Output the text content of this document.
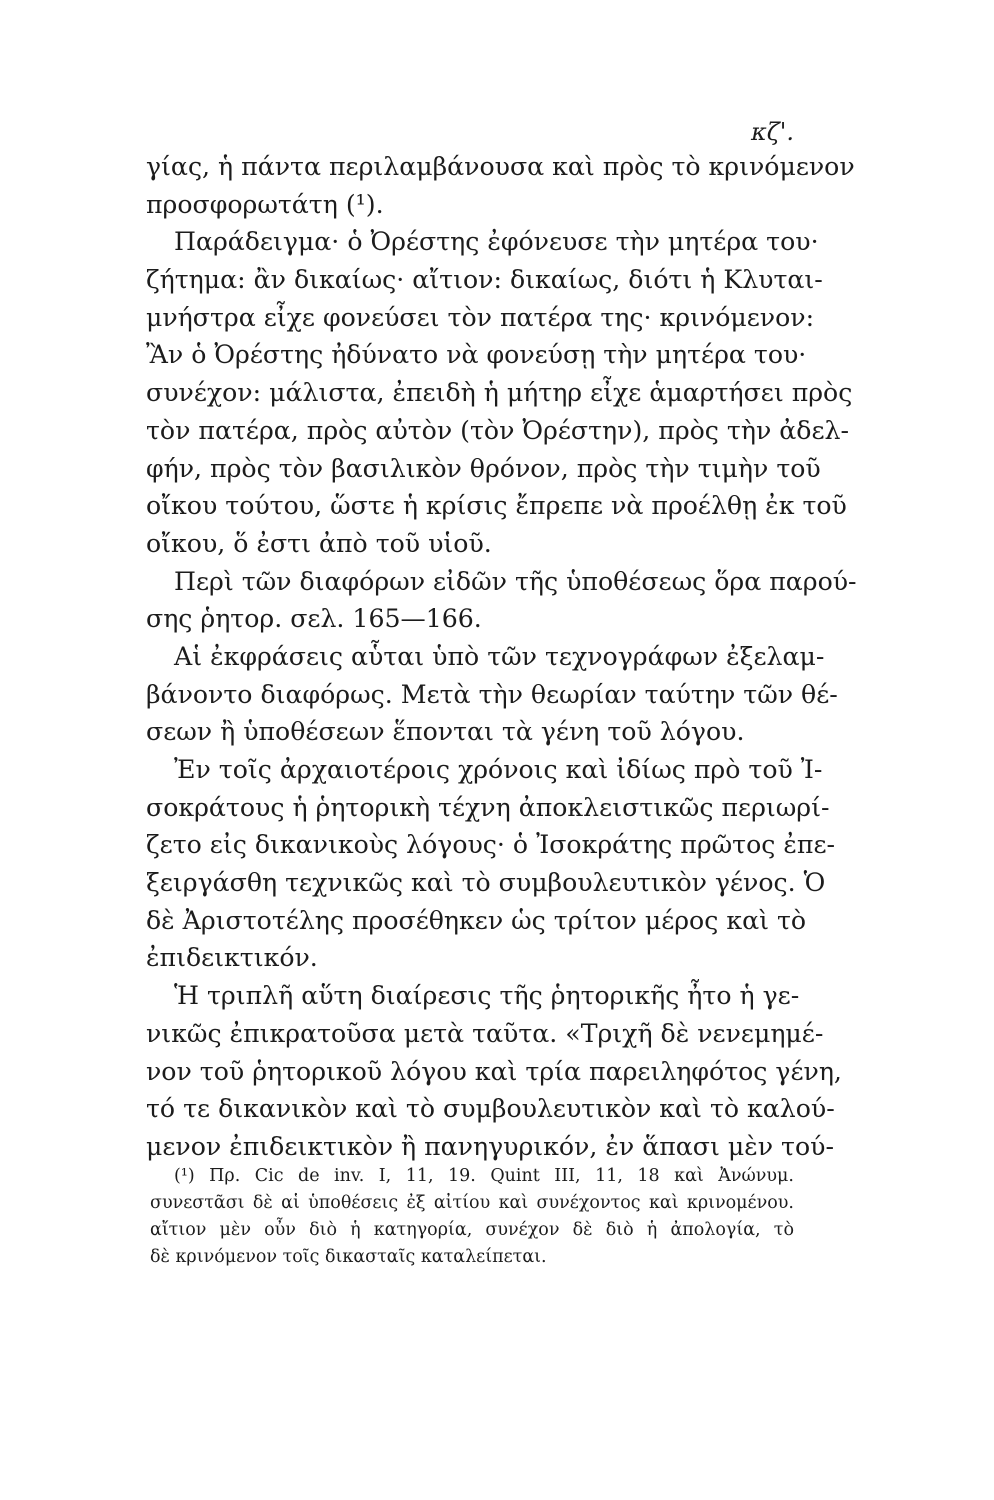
κζ'.
γίας, ἡ πάντα περιλαμβάνουσα καὶ πρὸς τὸ κρινόμενον
προσφορωτάτη (¹).
Παράδειγμα· ὁ Ὀρέστης ἐφόνευσε τὴν μητέρα του·
ζήτημα: ἂν δικαίως· αἴτιον: δικαίως, διότι ἡ Κλυται-
μνήστρα εἶχε φονεύσει τὸν πατέρα της· κρινόμενον:
Ἂν ὁ Ὀρέστης ἠδύνατο νὰ φονεύσῃ τὴν μητέρα του·
συνέχον: μάλιστα, ἐπειδὴ ἡ μήτηρ εἶχε ἁμαρτήσει πρὸς
τὸν πατέρα, πρὸς αὐτὸν (τὸν Ὀρέστην), πρὸς τὴν ἀδελ-
φήν, πρὸς τὸν βασιλικὸν θρόνον, πρὸς τὴν τιμὴν τοῦ
οἴκου τούτου, ὥστε ἡ κρίσις ἔπρεπε νὰ προέλθῃ ἐκ τοῦ
οἴκου, ὅ ἐστι ἀπὸ τοῦ υἱοῦ.
Περὶ τῶν διαφόρων εἰδῶν τῆς ὑποθέσεως ὅρα παρού-
σης ῥητορ. σελ. 165—166.
Αἱ ἐκφράσεις αὗται ὑπὸ τῶν τεχνογράφων ἐξελαμ-
βάνοντο διαφόρως. Μετὰ τὴν θεωρίαν ταύτην τῶν θέ-
σεων ἢ ὑποθέσεων ἕπονται τὰ γένη τοῦ λόγου.
Ἐν τοῖς ἀρχαιοτέροις χρόνοις καὶ ἰδίως πρὸ τοῦ Ἰ-
σοκράτους ἡ ῥητορικὴ τέχνη ἀποκλειστικῶς περιωρί-
ζετο εἰς δικανικοὺς λόγους· ὁ Ἰσοκράτης πρῶτος ἐπε-
ξειργάσθη τεχνικῶς καὶ τὸ συμβουλευτικὸν γένος. Ὁ
δὲ Ἀριστοτέλης προσέθηκεν ὡς τρίτον μέρος καὶ τὸ
ἐπιδεικτικόν.
Ἡ τριπλῆ αὕτη διαίρεσις τῆς ῥητορικῆς ἦτο ἡ γε-
νικῶς ἐπικρατοῦσα μετὰ ταῦτα. «Τριχῆ δὲ νενεμημέ-
νον τοῦ ῥητορικοῦ λόγου καὶ τρία παρειληφότος γένη,
τό τε δικανικὸν καὶ τὸ συμβουλευτικὸν καὶ τὸ καλού-
μενον ἐπιδεικτικὸν ἢ πανηγυρικόν, ἐν ἅπασι μὲν τού-
(¹) Πρ. Cic de inv. I, 11, 19. Quint III, 11, 18 καὶ Ἀνώνυμ.
συνεστᾶσι δὲ αἱ ὑποθέσεις ἐξ αἰτίου καὶ συνέχοντος καὶ κρινομένου.
αἴτιον μὲν οὖν διὸ ἡ κατηγορία, συνέχον δὲ διὸ ἡ ἀπολογία, τὸ
δὲ κρινόμενον τοῖς δικασταῖς καταλείπεται.
